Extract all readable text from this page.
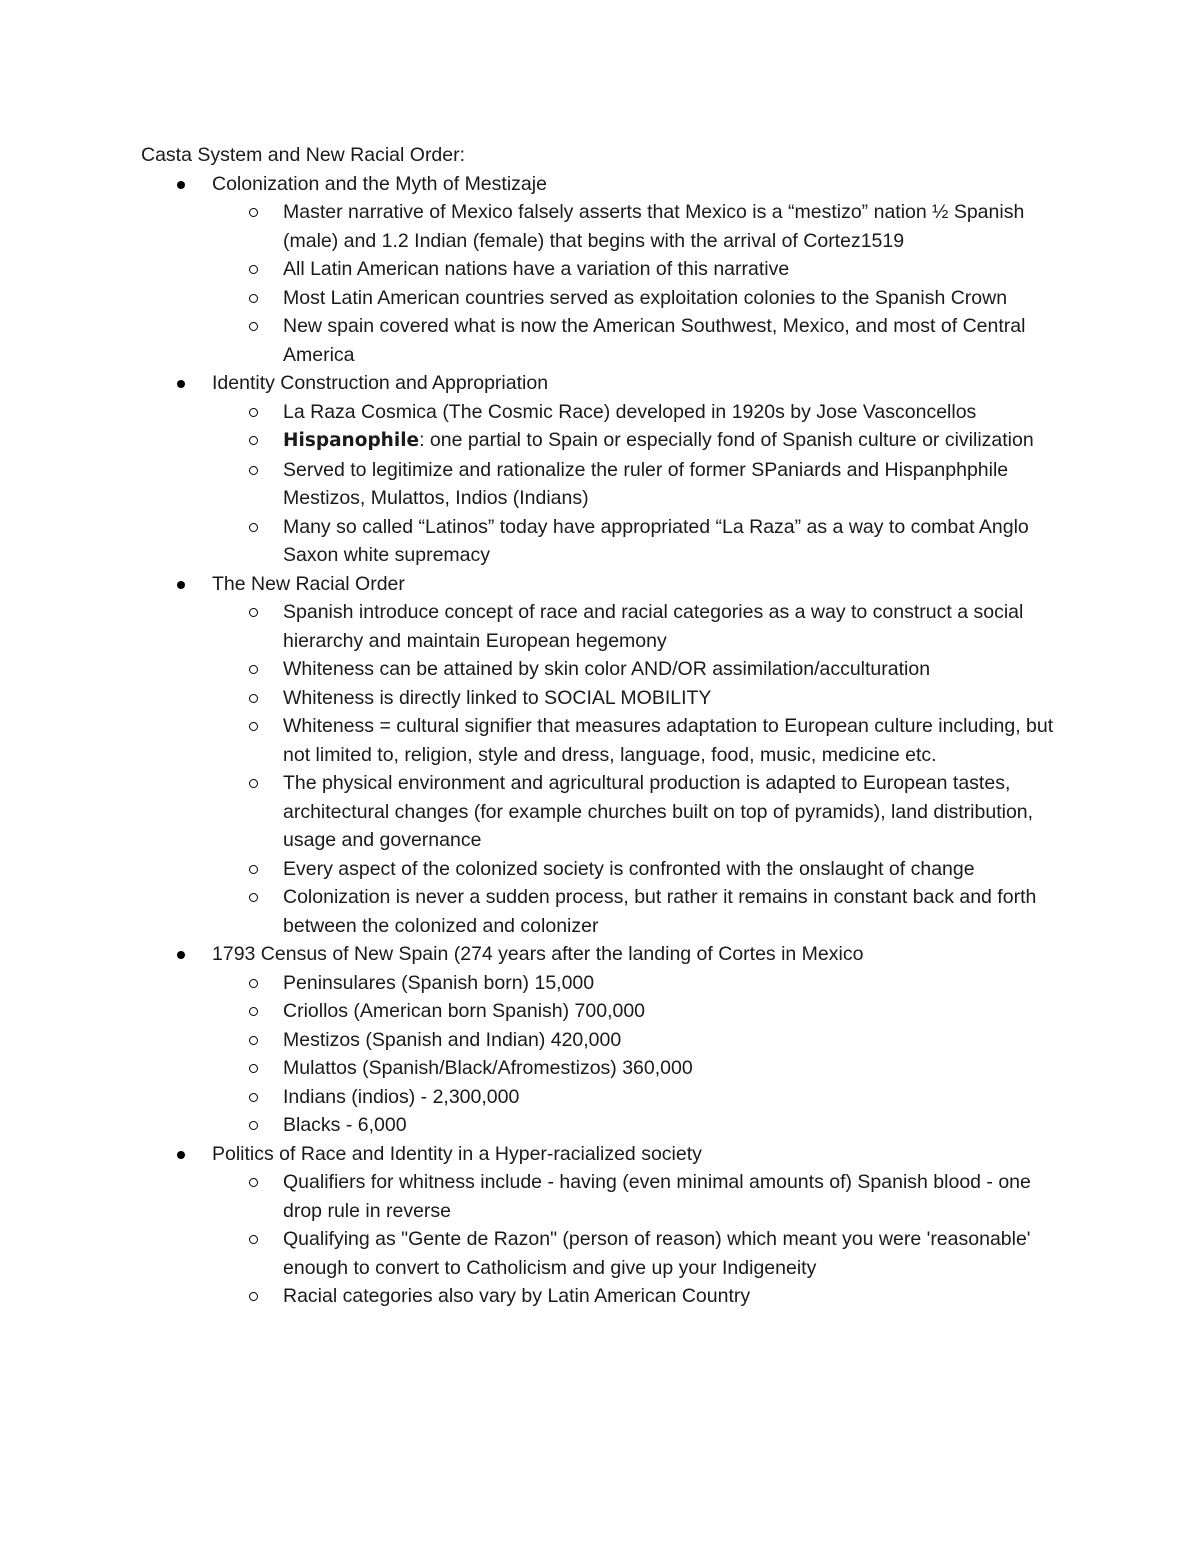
Casta System and New Racial Order:

Colonization and the Myth of Mestizaje
Master narrative of Mexico falsely asserts that Mexico is a “mestizo” nation ½ Spanish (male) and 1.2 Indian (female) that begins with the arrival of Cortez1519
All Latin American nations have a variation of this narrative
Most Latin American countries served as exploitation colonies to the Spanish Crown
New spain covered what is now the American Southwest, Mexico, and most of Central America
Identity Construction and Appropriation
La Raza Cosmica (The Cosmic Race) developed in 1920s by Jose Vasconcellos
Hispanophile: one partial to Spain or especially fond of Spanish culture or civilization
Served to legitimize and rationalize the ruler of former SPaniards and Hispanphphile Mestizos, Mulattos, Indios (Indians)
Many so called “Latinos” today have appropriated “La Raza” as a way to combat Anglo Saxon white supremacy
The New Racial Order
Spanish introduce concept of race and racial categories as a way to construct a social hierarchy and maintain European hegemony
Whiteness can be attained by skin color AND/OR assimilation/acculturation
Whiteness is directly linked to SOCIAL MOBILITY
Whiteness = cultural signifier that measures adaptation to European culture including, but not limited to, religion, style and dress, language, food, music, medicine etc.
The physical environment and agricultural production is adapted to European tastes, architectural changes (for example churches built on top of pyramids), land distribution, usage and governance
Every aspect of the colonized society is confronted with the onslaught of change
Colonization is never a sudden process, but rather it remains in constant back and forth between the colonized and colonizer
1793 Census of New Spain (274 years after the landing of Cortes in Mexico
Peninsulares (Spanish born) 15,000
Criollos (American born Spanish) 700,000
Mestizos (Spanish and Indian) 420,000
Mulattos (Spanish/Black/Afromestizos) 360,000
Indians (indios) - 2,300,000
Blacks - 6,000
Politics of Race and Identity in a Hyper-racialized society
Qualifiers for whitness include - having (even minimal amounts of) Spanish blood - one drop rule in reverse
Qualifying as "Gente de Razon" (person of reason) which meant you were 'reasonable' enough to convert to Catholicism and give up your Indigeneity
Racial categories also vary by Latin American Country
